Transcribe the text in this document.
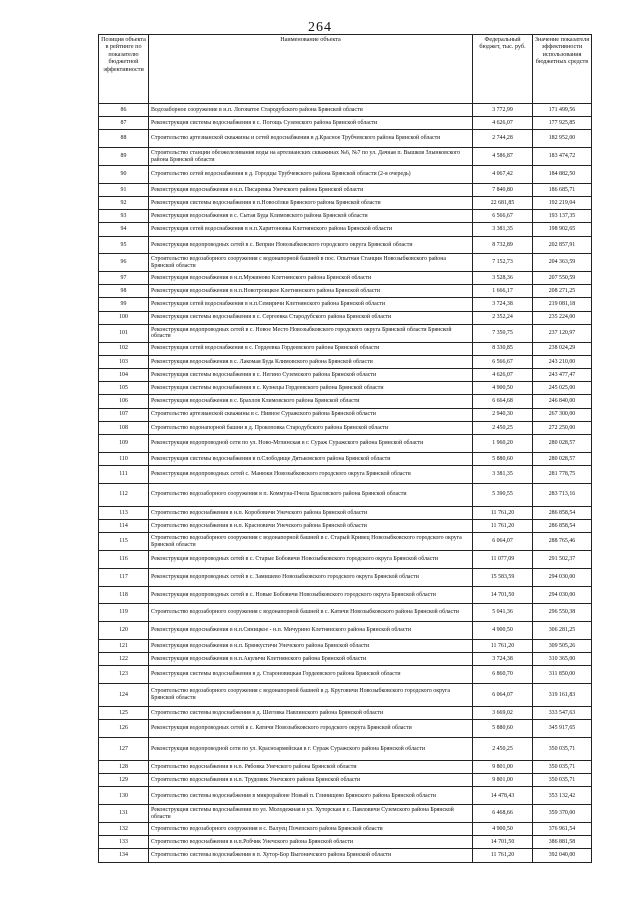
264
Позиция объекта в рейтинге по показателю бюджетной эффективности	Наименование объекта	Федеральный бюджет, тыс. руб.	Значение показателя эффективности использования бюджетных средств
86	Водозаборное сооружение в н.п. Логоватое Стародубского района Брянской области	3 772,99	171 499,56
87	Реконструкция системы водоснабжения в с. Погощь Суземского района Брянской области	4 626,07	177 925,85
88	Строительство артезианской скважины и сетей водоснабжения в д.Красное Трубчевского района Брянской области	2 744,28	182 952,00
89	Строительство станции обезжелезивания воды на артезианских скважинах №6, №7 по ул. Дачная п. Вышков Злынковского района Брянской области	4 586,87	183 474,72
90	Строительство сетей водоснабжения в д. Городцы Трубчевского района Брянской области (2-я очередь)	4 067,42	184 882,50
91	Реконструкция водоснабжения в н.п. Писаревка Унечского района Брянской области	7 840,80	186 685,71
92	Реконструкция системы водоснабжения в п.Новосёлки Брянского района Брянской области	22 681,85	192 219,04
93	Реконструкция водоснабжения в с. Сытая Буда Климовского района Брянской области	6 566,67	193 137,35
94	Реконструкция сетей водоснабжения в н.п.Харитоновка Клетнянского района Брянской области	3 381,35	198 902,65
95	Реконструкция водопроводных сетей в с. Веприн Новозыбковского городского округа Брянской области	8 732,89	202 857,91
96	Строительство водозаборного сооружения с водонапорной башней в пос. Опытная Станция Новозыбковского района Брянской области	7 152,73	204 363,59
97	Реконструкция водоснабжения в н.п.Мужиново Клетнянского района Брянской области	3 528,36	207 550,59
98	Реконструкция водоснабжения в н.п.Новотроицкое Клетнянского района Брянской области	1 666,17	208 271,25
99	Реконструкция сетей водоснабжения в н.п.Семиричи Клетнянского района Брянской области	3 724,38	219 081,18
100	Реконструкция системы водоснабжения в с. Сергеевка Стародубского района Брянской области	2 352,24	235 224,00
101	Реконструкция водопроводных сетей в с. Новое Место Новозыбковского городского округа Брянской области Брянской области	7 350,75	237 120,97
102	Реконструкция сетей водоснабжения в с. Гордеевка Гордеевского района Брянской области	8 330,85	238 024,29
103	Реконструкция водоснабжения в с. Лакомая Буда Климовского района Брянской области	6 566,67	243 210,00
104	Реконструкция системы водоснабжения в с. Негино Суземского района Брянской области	4 626,07	243 477,47
105	Реконструкция системы водоснабжения в с. Кузнецы Гордеевского района Брянской области	4 900,50	245 025,00
106	Реконструкция водоснабжения в с. Брахлов Климовского района Брянской области	6 664,68	246 840,00
107	Строительство артезианской скважины в с. Нивное Суражского района Брянской области	2 940,30	267 300,00
108	Строительство водонапорной башни в д. Прокоповка Стародубского района Брянской области	2 450,25	272 250,00
109	Реконструкция водопроводной сети по ул. Ново-Мглинская в г. Сураж Суражского района Брянской области	1 960,20	280 028,57
110	Реконструкция системы водоснабжения в п.Слободище Дятьковского района Брянской области	5 880,60	280 028,57
111	Реконструкция водопроводных сетей с. Манюки Новозыбковского городского округа Брянской области	3 381,35	281 778,75
112	Строительство водозаборного сооружения в п. Коммуна-Пчела Брасовского района Брянской области	5 390,55	283 713,16
113	Строительство водоснабжения в н.п. Коробовичи Унечского района Брянской области	11 761,20	286 858,54
114	Строительство водоснабжения в н.п. Красновичи Унечского района Брянской области	11 761,20	286 858,54
115	Строительство водозаборного сооружения с водонапорной башней в с. Старый Кривец Новозыбковского городского округа Брянской области	6 064,07	288 765,46
116	Реконструкция водопроводных сетей в с. Старые Бобовичи Новозыбковского городского округа Брянской области	11 077,09	291 502,37
117	Реконструкция водопроводных сетей в с. Замишево Новозыбковского городского округа Брянской области	15 583,59	294 030,00
118	Реконструкция водопроводных сетей в с. Новые Бобовичи Новозыбковского городского округа Брянской области	14 701,50	294 030,00
119	Строительство водозаборного сооружения с водонапорной башней в с. Катичи Новозыбковского района Брянской области	5 041,36	296 550,38
120	Реконструкция водоснабжения в н.п.Синицкое - н.п. Мичурино Клетнянского района Брянской области	4 900,50	306 281,25
121	Реконструкция водоснабжения в н.п. Брянкустичи Унечского района Брянской области	11 761,20	309 505,26
122	Реконструкция водоснабжения в н.п.Акуличи Клетнянского района Брянской области	3 724,38	310 365,00
123	Реконструкция системы водоснабжения в д. Староновицкая Гордеевского района Брянской области	6 860,70	311 850,00
124	Строительство водозаборного сооружения с водонапорной башней в д. Круговичи Новозыбковского городского округа Брянской области	6 064,07	319 161,83
125	Строительство системы водоснабжения в д. Шеговка Навлинского района Брянской области	3 669,02	333 547,63
126	Реконструкция водопроводных сетей в с. Катичи Новозыбковского городского округа Брянской области	5 880,60	345 917,65
127	Реконструкция водопроводной сети по ул. Красноармейская в г. Сураж Суражского района Брянской области	2 450,25	350 035,71
128	Строительство водоснабжения в н.п. Рябовка Унечского района Брянской области	9 801,00	350 035,71
129	Строительство водоснабжения в н.п. Трудовик Унечского района Брянской области	9 801,00	350 035,71
130	Строительство системы водоснабжения в микрорайоне Новый п. Глинищево Брянского района Брянской области	14 478,43	353 132,42
131	Реконструкция системы водоснабжения по ул. Молодежная и ул. Хуторская в с. Павловичи Суземского района Брянской области	6 468,66	359 370,00
132	Строительство водозаборного сооружения в с. Валуец Почепского района Брянской области	4 900,50	376 961,54
133	Строительство водоснабжения в н.п.Робчик Унечского района Брянской области	14 701,50	386 881,58
134	Строительство системы водоснабжения в п. Хутор-Бор Выгоничского района Брянской области	11 761,20	392 040,00
